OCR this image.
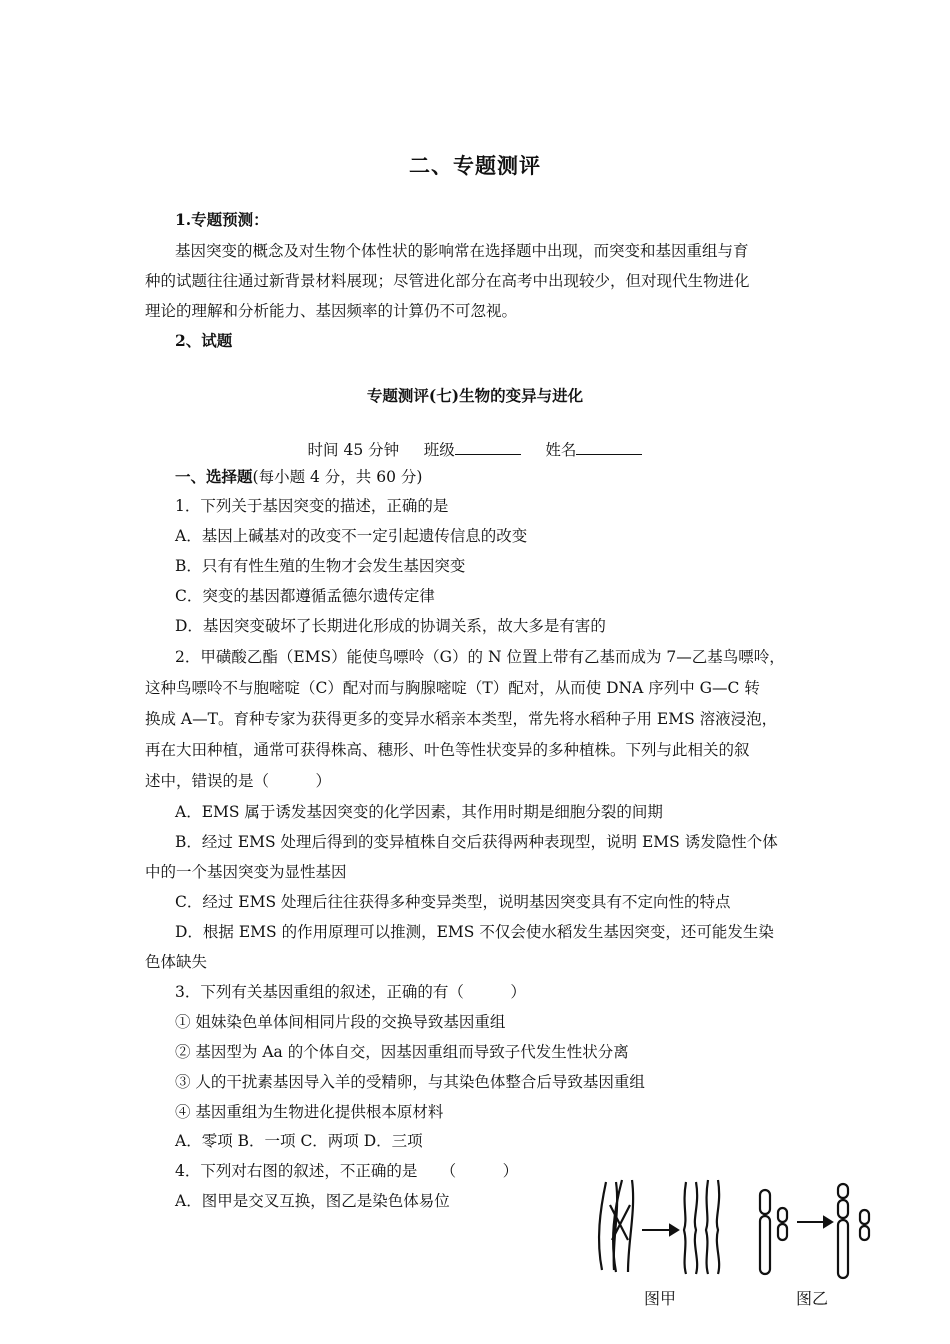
二、专题测评
1.专题预测：
基因突变的概念及对生物个体性状的影响常在选择题中出现，而突变和基因重组与育
种的试题往往通过新背景材料展现；尽管进化部分在高考中出现较少，但对现代生物进化
理论的理解和分析能力、基因频率的计算仍不可忽视。
2、试题
专题测评(七)生物的变异与进化
时间 45 分钟 班级	姓名
一、选择题(每小题 4 分，共 60 分)
1．下列关于基因突变的描述，正确的是
A．基因上碱基对的改变不一定引起遗传信息的改变
B．只有有性生殖的生物才会发生基因突变
C．突变的基因都遵循孟德尔遗传定律
D．基因突变破坏了长期进化形成的协调关系，故大多是有害的
2．甲磺酸乙酯（EMS）能使鸟嘌呤（G）的 N 位置上带有乙基而成为 7—乙基鸟嘌呤，
这种鸟嘌呤不与胞嘧啶（C）配对而与胸腺嘧啶（T）配对，从而使 DNA 序列中 G—C 转
换成 A—T。育种专家为获得更多的变异水稻亲本类型，常先将水稻种子用 EMS 溶液浸泡，
再在大田种植，通常可获得株高、穗形、叶色等性状变异的多种植株。下列与此相关的叙
述中，错误的是（　　　）
A．EMS 属于诱发基因突变的化学因素，其作用时期是细胞分裂的间期
B．经过 EMS 处理后得到的变异植株自交后获得两种表现型，说明 EMS 诱发隐性个体
中的一个基因突变为显性基因
C．经过 EMS 处理后往往获得多种变异类型，说明基因突变具有不定向性的特点
D．根据 EMS 的作用原理可以推测，EMS 不仅会使水稻发生基因突变，还可能发生染
色体缺失
3．下列有关基因重组的叙述，正确的有（　　　）
① 姐妹染色单体间相同片段的交换导致基因重组
② 基因型为 Aa 的个体自交，因基因重组而导致子代发生性状分离
③ 人的干扰素基因导入羊的受精卵，与其染色体整合后导致基因重组
④ 基因重组为生物进化提供根本原材料
A．零项 B．一项 C．两项 D．三项
4．下列对右图的叙述，不正确的是　　（　　　）
A．图甲是交叉互换，图乙是染色体易位
图甲	图乙
